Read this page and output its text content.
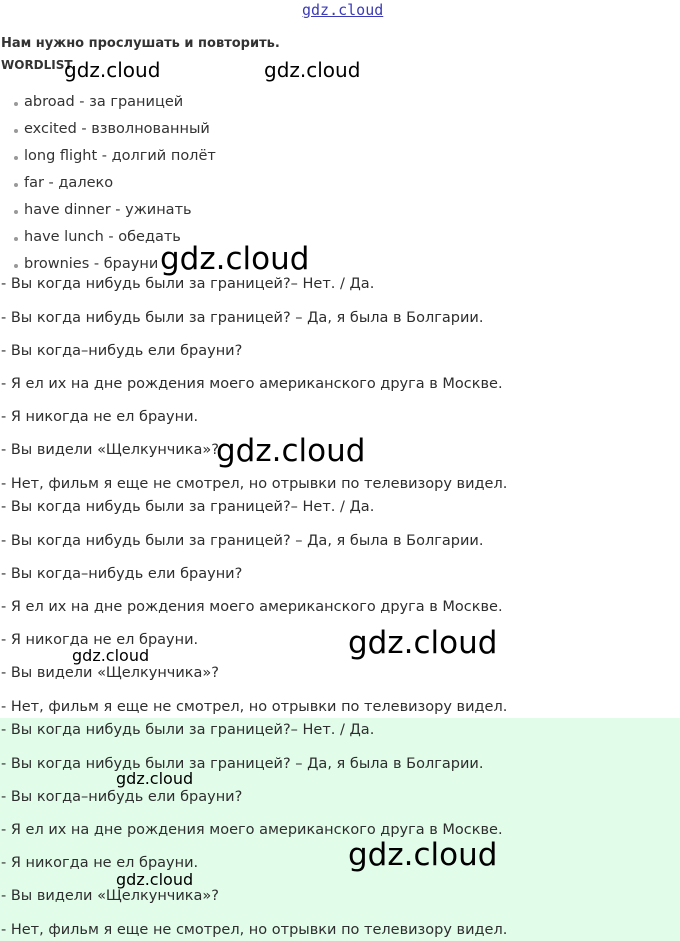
gdz.cloud
Нам нужно прослушать и повторить.
WORDLIST
abroad - за границей
excited - взволнованный
long flight - долгий полёт
far - далеко
have dinner - ужинать
have lunch - обедать
brownies - брауни
- Вы когда нибудь были за границей?– Нет. / Да.
- Вы когда нибудь были за границей? – Да, я была в Болгарии.
- Вы когда–нибудь ели брауни?
- Я ел их на дне рождения моего американского друга в Москве.
- Я никогда не ел брауни.
- Вы видели «Щелкунчика»?
- Нет, фильм я еще не смотрел, но отрывки по телевизору видел.
- Вы когда нибудь были за границей?– Нет. / Да.
- Вы когда нибудь были за границей? – Да, я была в Болгарии.
- Вы когда–нибудь ели брауни?
- Я ел их на дне рождения моего американского друга в Москве.
- Я никогда не ел брауни.
- Вы видели «Щелкунчика»?
- Нет, фильм я еще не смотрел, но отрывки по телевизору видел.
- Вы когда нибудь были за границей?– Нет. / Да.
- Вы когда нибудь были за границей? – Да, я была в Болгарии.
- Вы когда–нибудь ели брауни?
- Я ел их на дне рождения моего американского друга в Москве.
- Я никогда не ел брауни.
- Вы видели «Щелкунчика»?
- Нет, фильм я еще не смотрел, но отрывки по телевизору видел.
gdz.cloud	gdz.cloud
gdz.cloud
gdz.cloud
gdz.cloud
gdz.cloud
gdz.cloud
gdz.cloud
gdz.cloud
